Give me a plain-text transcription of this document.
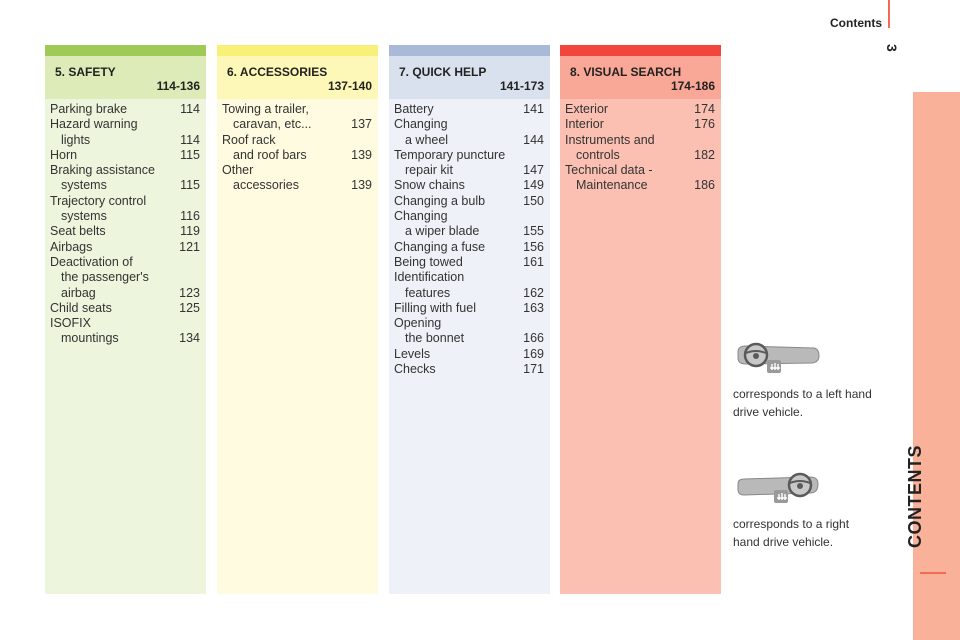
Contents
3
CONTENTS
5. SAFETY
114-136
Parking brake	114
Hazard warning
lights	114
Horn	115
Braking assistance
systems	115
Trajectory control
systems	116
Seat belts	119
Airbags	121
Deactivation of
the passenger's
airbag	123
Child seats	125
ISOFIX
mountings	134
6. ACCESSORIES
137-140
Towing a trailer,
caravan, etc...	137
Roof rack
and roof bars	139
Other
accessories	139
7. QUICK HELP
141-173
Battery	141
Changing
a wheel	144
Temporary puncture
repair kit	147
Snow chains	149
Changing a bulb	150
Changing
a wiper blade	155
Changing a fuse	156
Being towed	161
Identification
features	162
Filling with fuel	163
Opening
the bonnet	166
Levels	169
Checks	171
8. VISUAL SEARCH
174-186
Exterior	174
Interior	176
Instruments and
controls	182
Technical data -
Maintenance	186
corresponds to a left hand
drive vehicle.
corresponds to a right
hand drive vehicle.
